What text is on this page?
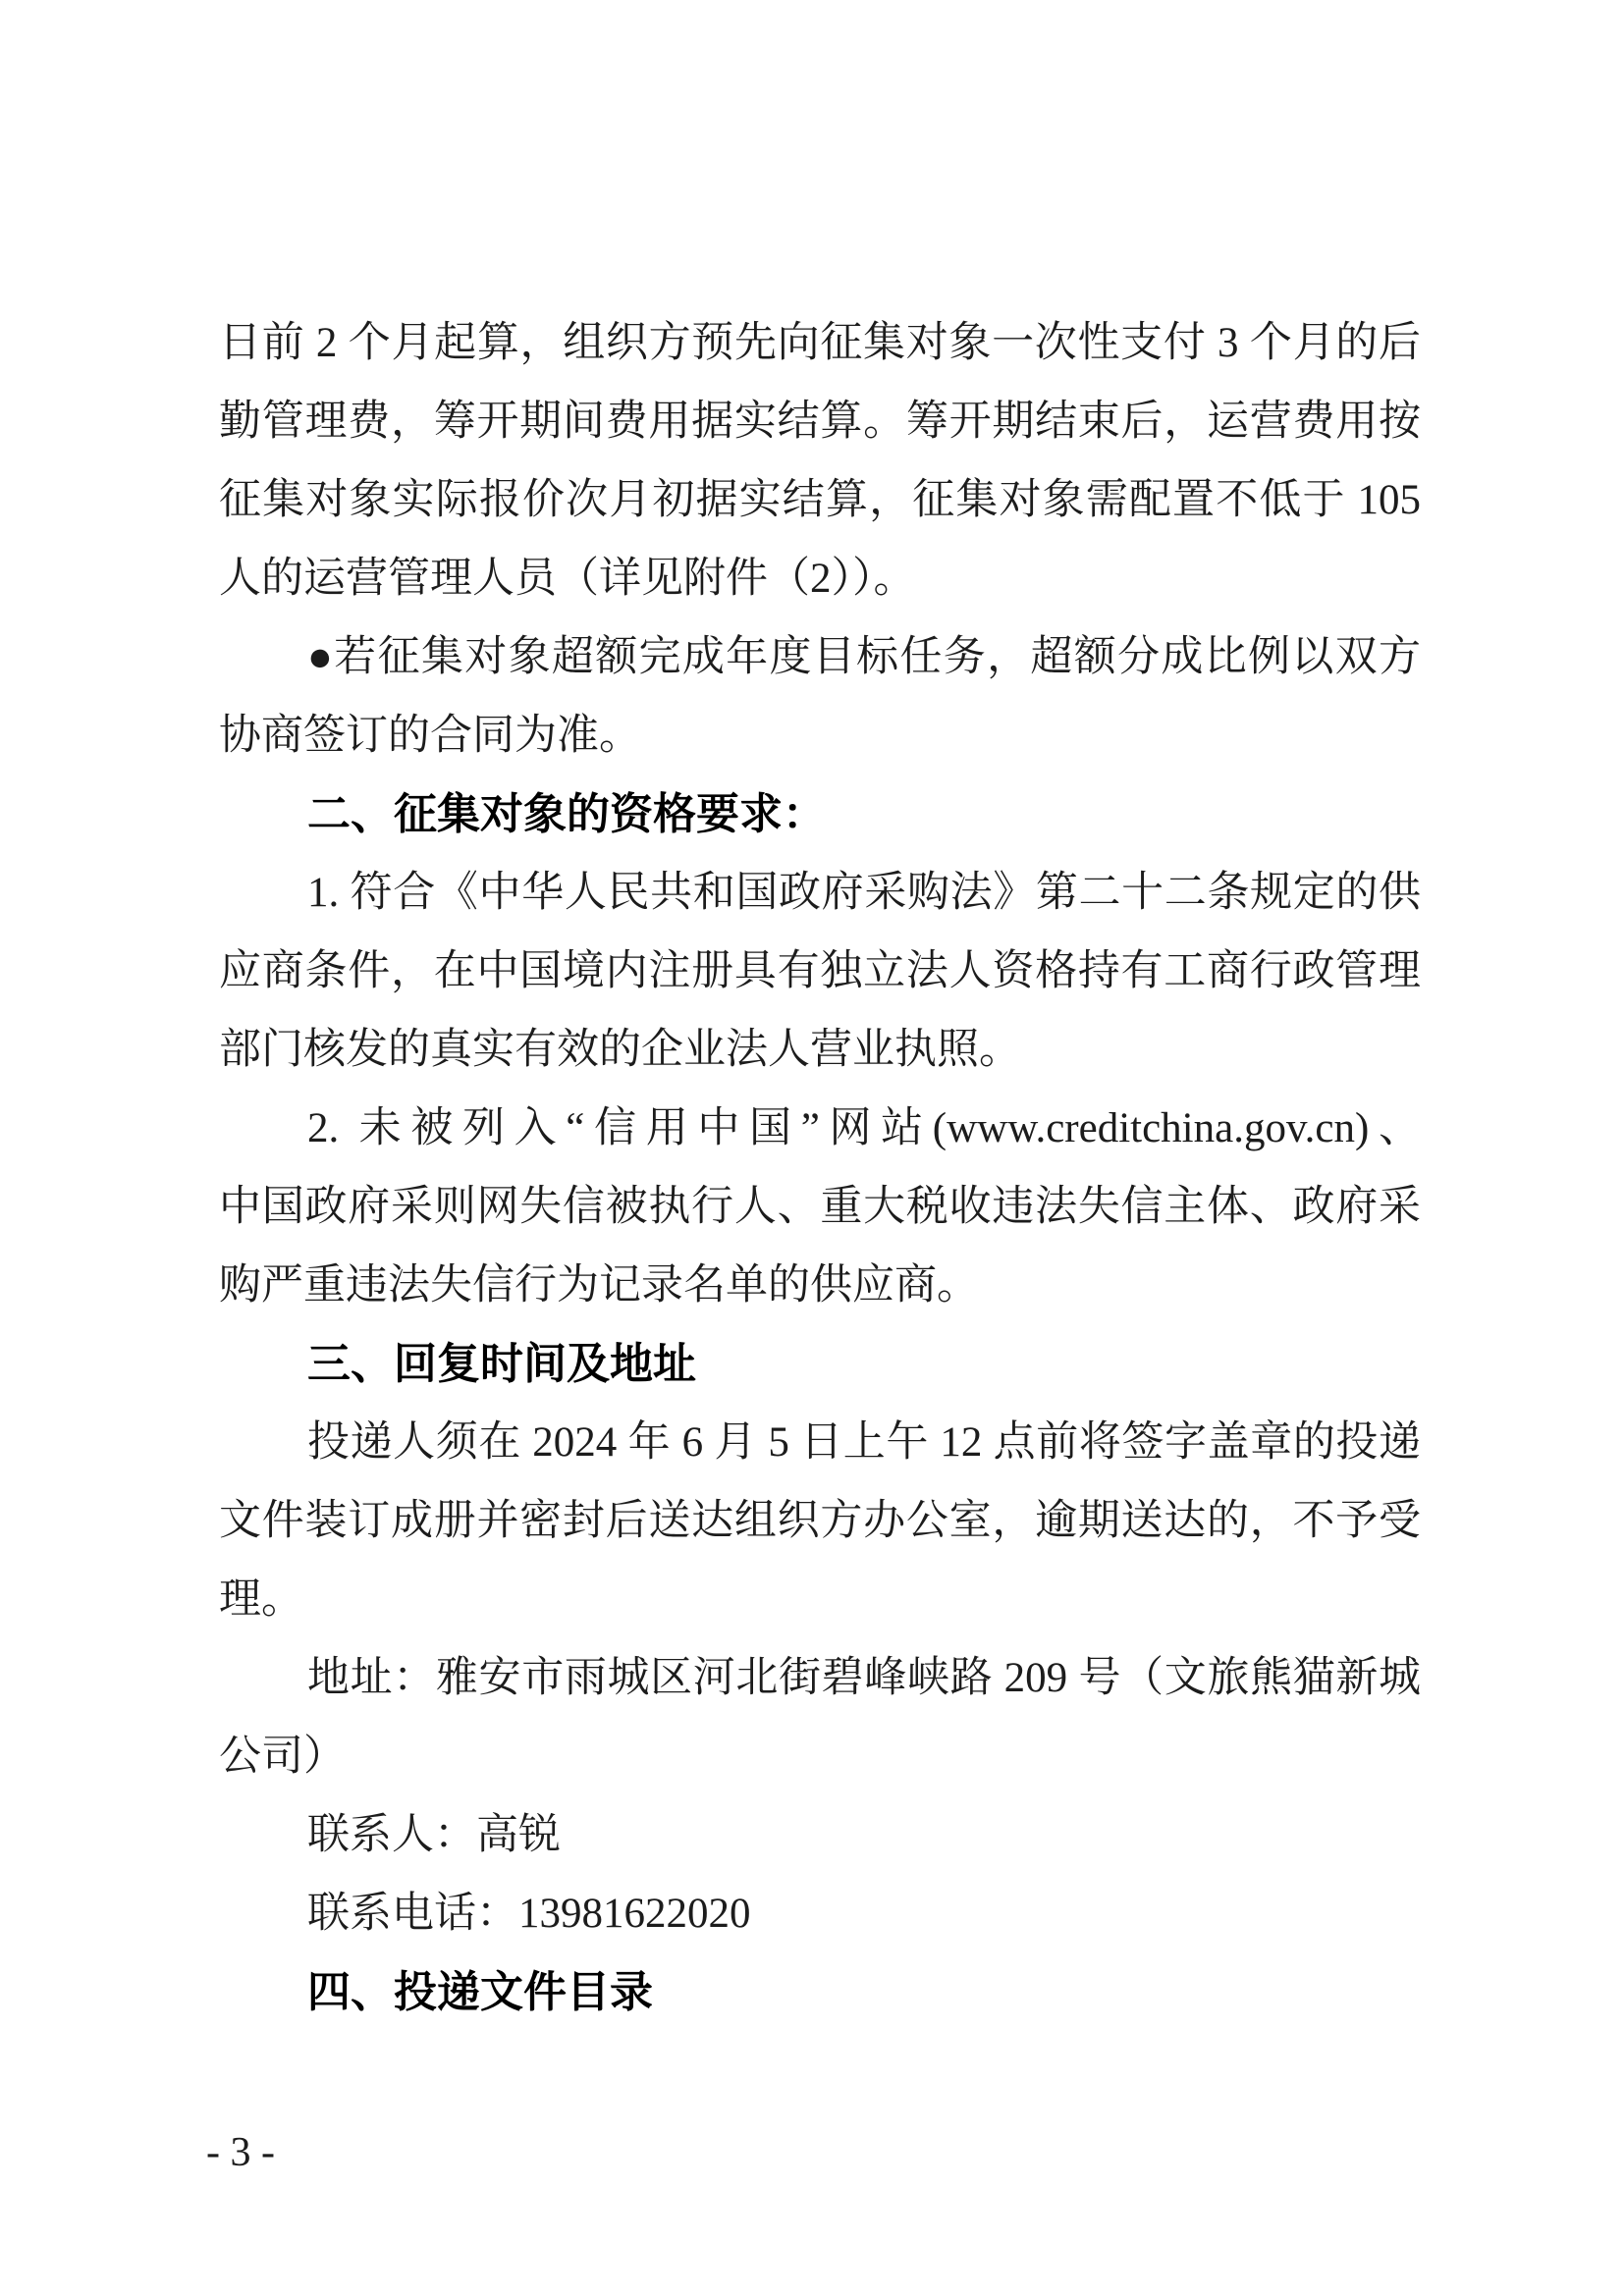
日前 2 个月起算，组织方预先向征集对象一次性支付 3 个月的后
勤管理费，筹开期间费用据实结算。筹开期结束后，运营费用按
征集对象实际报价次月初据实结算，征集对象需配置不低于 105
人的运营管理人员（详见附件（2））。
●若征集对象超额完成年度目标任务，超额分成比例以双方
协商签订的合同为准。
二、征集对象的资格要求：
1. 符合《中华人民共和国政府采购法》第二十二条规定的供
应商条件，在中国境内注册具有独立法人资格持有工商行政管理
部门核发的真实有效的企业法人营业执照。
2. 未被列入“信用中国”网站(www.creditchina.gov.cn)、
中国政府采则网失信被执行人、重大税收违法失信主体、政府采
购严重违法失信行为记录名单的供应商。
三、回复时间及地址
投递人须在 2024 年 6 月 5 日上午 12 点前将签字盖章的投递
文件装订成册并密封后送达组织方办公室，逾期送达的，不予受
理。
地址：雅安市雨城区河北街碧峰峡路 209 号（文旅熊猫新城
公司）
联系人：高锐
联系电话：13981622020
四、投递文件目录
- 3 -
